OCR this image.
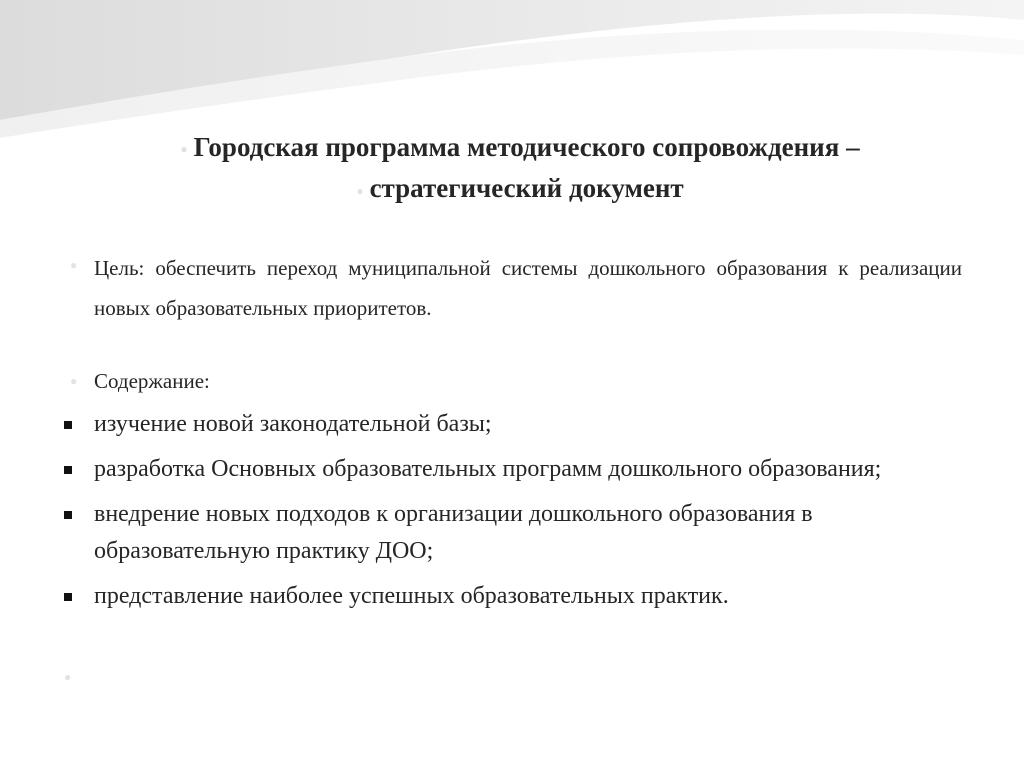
● Городская программа методического сопровождения –
● стратегический документ
● Цель: обеспечить переход муниципальной системы дошкольного образования к реализации новых образовательных приоритетов.
● Содержание:
изучение новой законодательной базы;
разработка Основных образовательных программ дошкольного образования;
внедрение новых подходов к организации дошкольного образования в образовательную практику ДОО;
представление наиболее успешных образовательных практик.
●
